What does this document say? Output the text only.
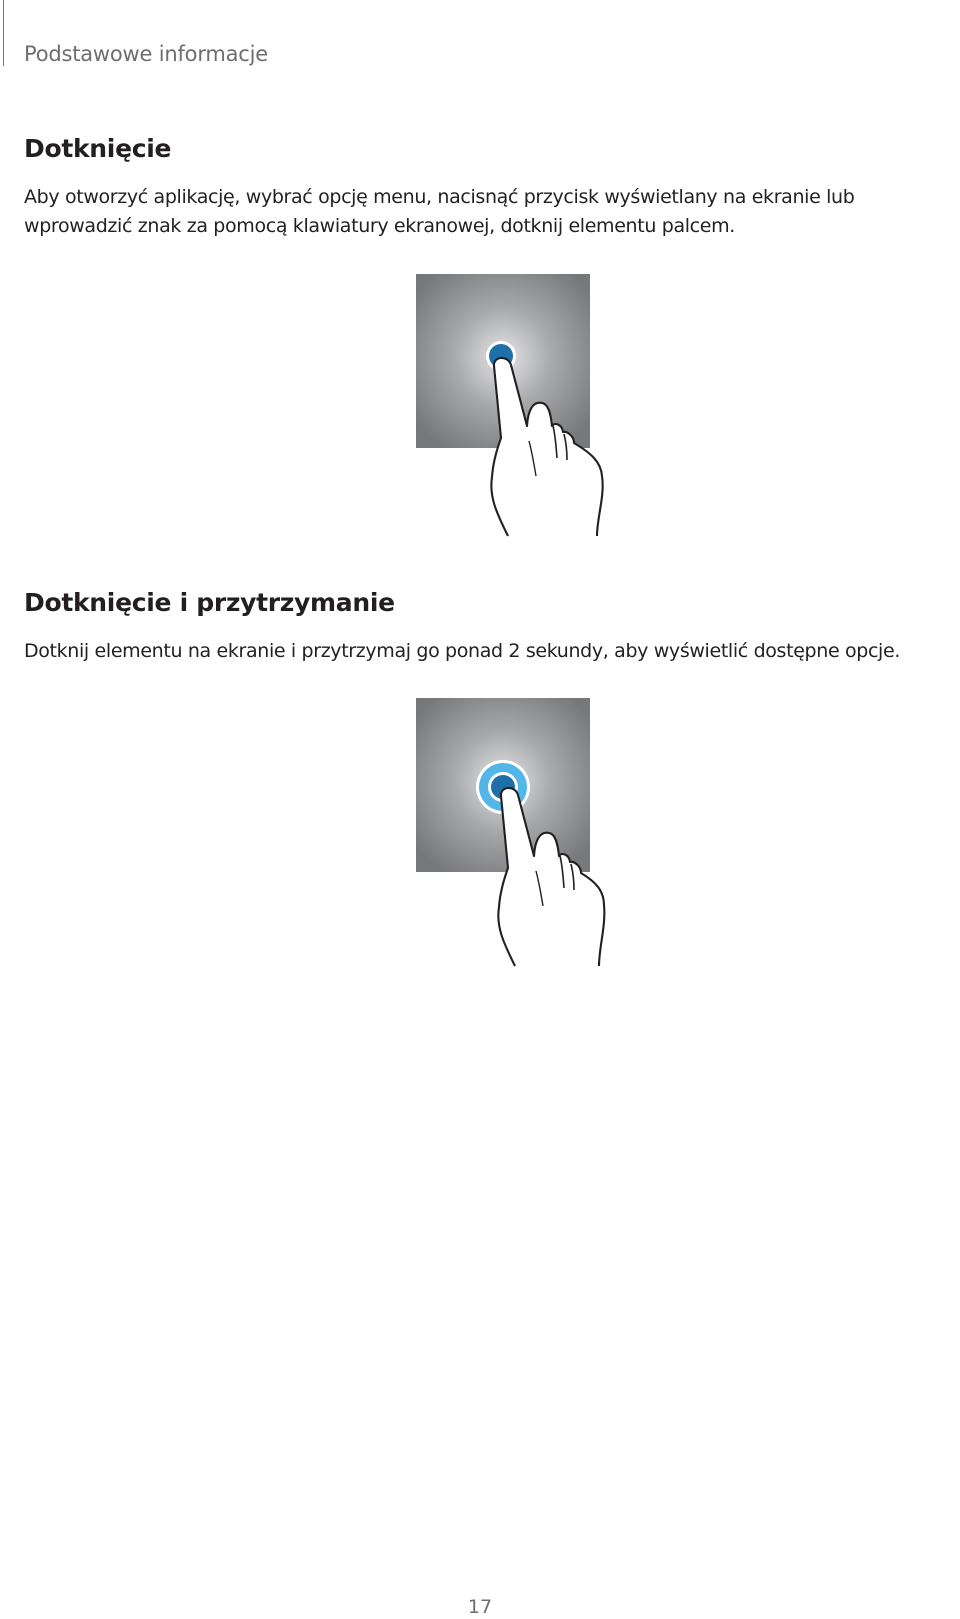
Podstawowe informacje
Dotknięcie

Aby otworzyć aplikację, wybrać opcję menu, nacisnąć przycisk wyświetlany na ekranie lub

wprowadzić znak za pomocą klawiatury ekranowej, dotknij elementu palcem.

Dotknięcie i przytrzymanie

Dotknij elementu na ekranie i przytrzymaj go ponad 2 sekundy, aby wyświetlić dostępne opcje.

17
